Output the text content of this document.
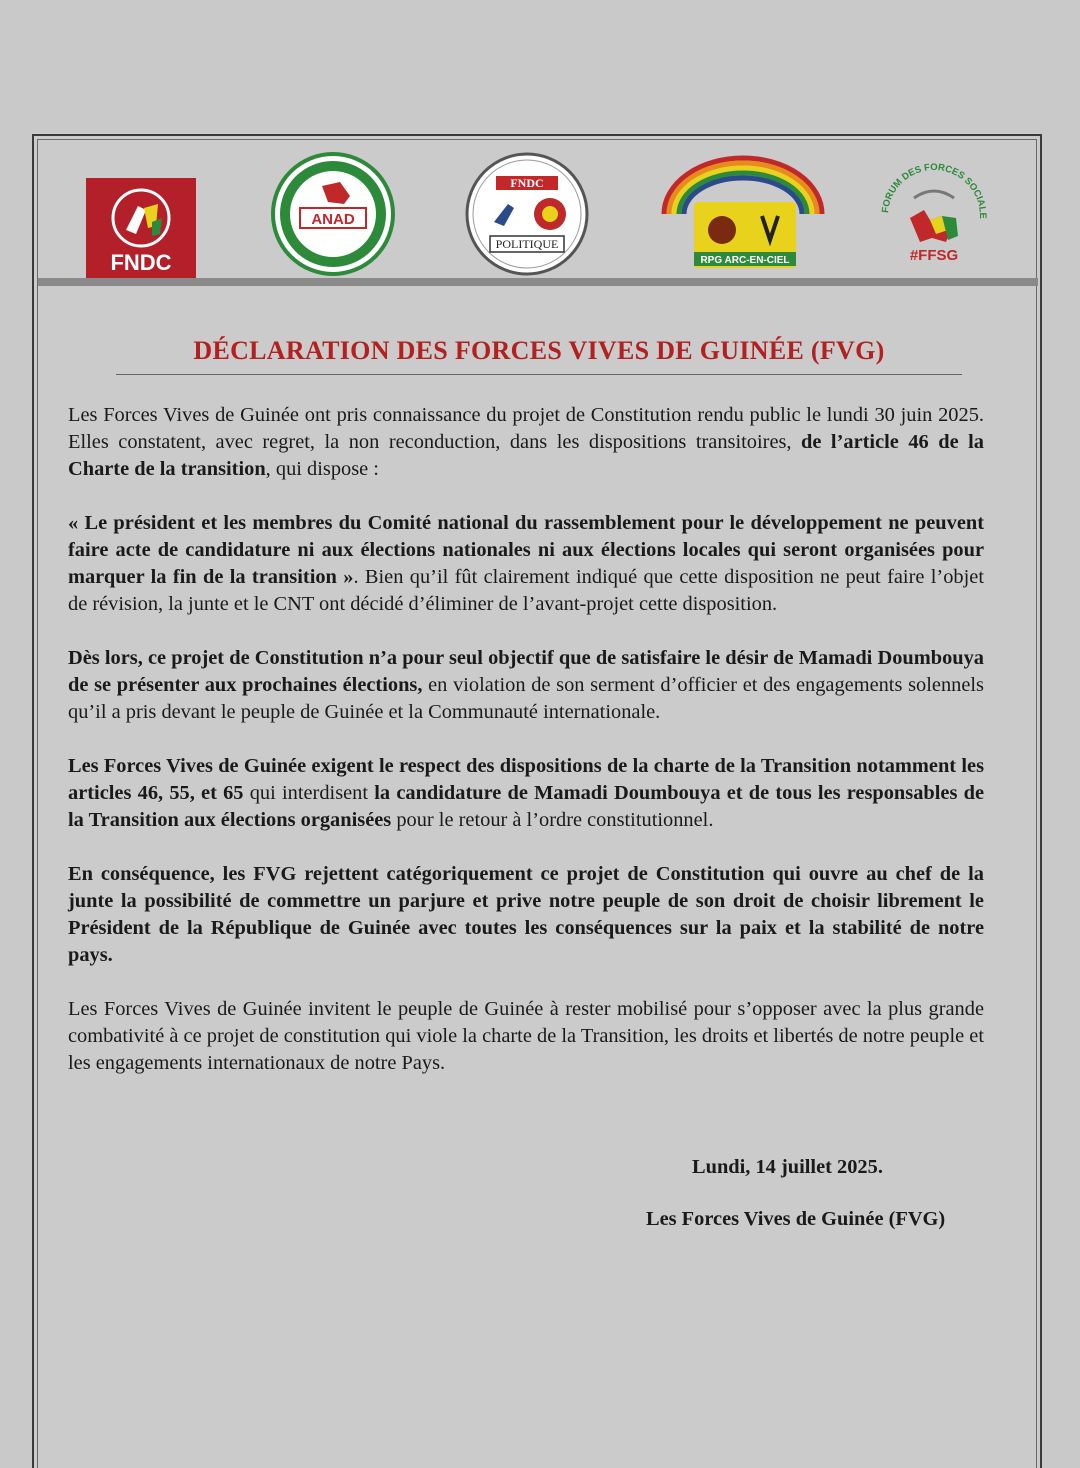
FNDC
ANAD
FNDC
POLITIQUE
RPG ARC-EN-CIEL
FORUM DES FORCES SOCIALE
#FFSG
DÉCLARATION DES FORCES VIVES DE GUINÉE (FVG)

Les Forces Vives de Guinée ont pris connaissance du projet de Constitution rendu public le lundi 30 juin 2025. Elles constatent, avec regret, la non reconduction, dans les dispositions transitoires, de l’article 46 de la Charte de la transition, qui dispose :

« Le président et les membres du Comité national du rassemblement pour le développement ne peuvent faire acte de candidature ni aux élections nationales ni aux élections locales qui seront organisées pour marquer la fin de la transition ». Bien qu’il fût clairement indiqué que cette disposition ne peut faire l’objet de révision, la junte et le CNT ont décidé d’éliminer de l’avant-projet cette disposition.

Dès lors, ce projet de Constitution n’a pour seul objectif que de satisfaire le désir de Mamadi Doumbouya de se présenter aux prochaines élections, en violation de son serment d’officier et des engagements solennels qu’il a pris devant le peuple de Guinée et la Communauté internationale.

Les Forces Vives de Guinée exigent le respect des dispositions de la charte de la Transition notamment les articles 46, 55, et 65 qui interdisent la candidature de Mamadi Doumbouya et de tous les responsables de la Transition aux élections organisées pour le retour à l’ordre constitutionnel.

En conséquence, les FVG rejettent catégoriquement ce projet de Constitution qui ouvre au chef de la junte la possibilité de commettre un parjure et prive notre peuple de son droit de choisir librement le Président de la République de Guinée avec toutes les conséquences sur la paix et la stabilité de notre pays.

Les Forces Vives de Guinée invitent le peuple de Guinée à rester mobilisé pour s’opposer avec la plus grande combativité à ce projet de constitution qui viole la charte de la Transition, les droits et libertés de notre peuple et les engagements internationaux de notre Pays.

Lundi, 14 juillet 2025.
Les Forces Vives de Guinée (FVG)
